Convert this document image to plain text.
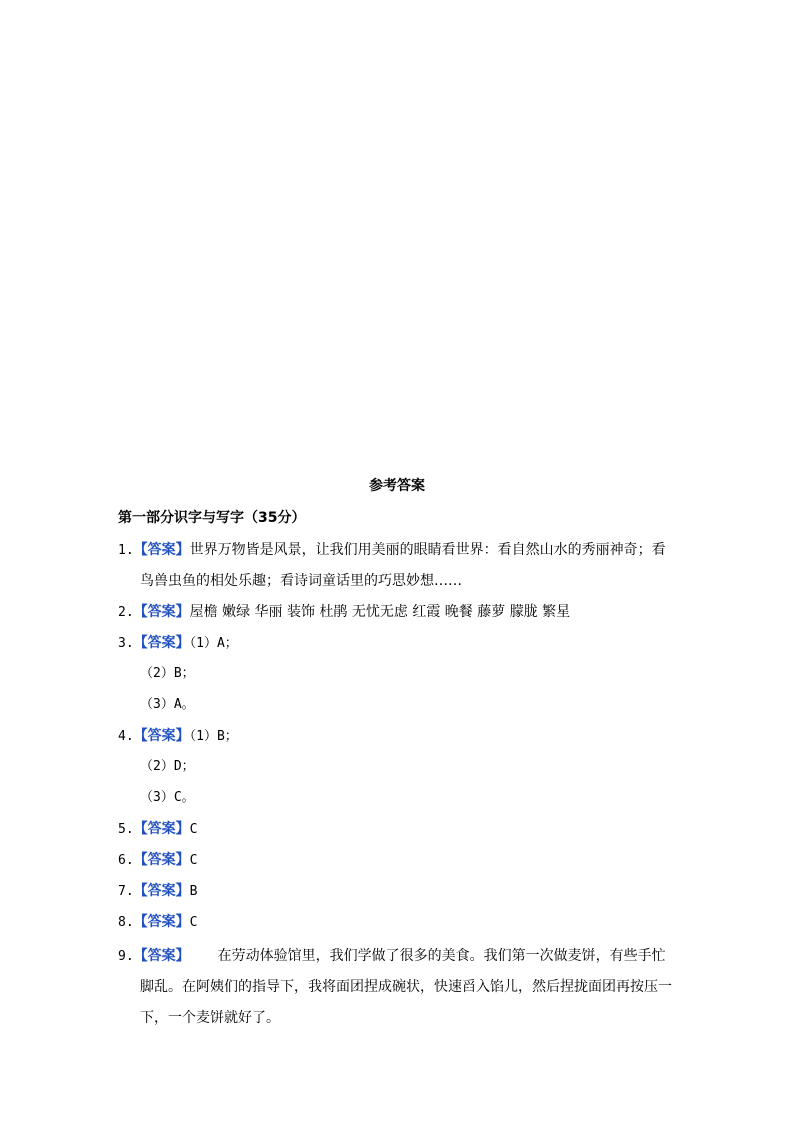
参考答案
第一部分识字与写字（35分）
1.【答案】世界万物皆是风景，让我们用美丽的眼睛看世界：看自然山水的秀丽神奇；看
鸟兽虫鱼的相处乐趣；看诗词童话里的巧思妙想……
2.【答案】屋檐 嫩绿 华丽 装饰 杜鹃 无忧无虑 红霞 晚餐 藤萝 朦胧 繁星
3.【答案】（1）A；
（2）B；
（3）A。
4.【答案】（1）B；
（2）D；
（3）C。
5.【答案】C
6.【答案】C
7.【答案】B
8.【答案】C
9.【答案】 在劳动体验馆里，我们学做了很多的美食。我们第一次做麦饼，有些手忙
脚乱。在阿姨们的指导下，我将面团捏成碗状，快速舀入馅儿，然后捏拢面团再按压一
下，一个麦饼就好了。
